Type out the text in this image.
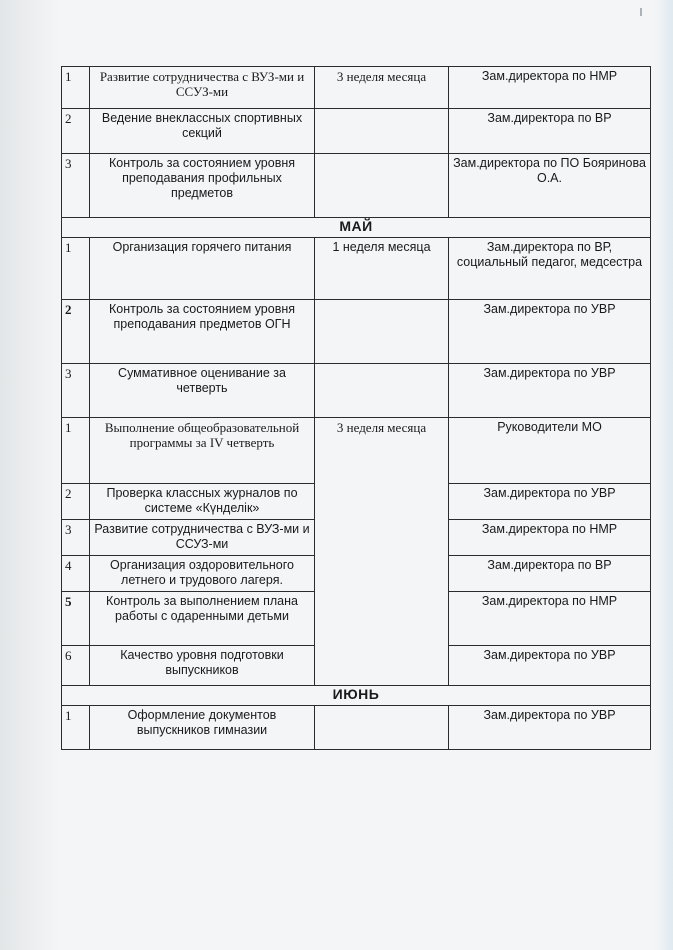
1	Развитие сотрудничества с ВУЗ-ми и ССУЗ-ми	3 неделя месяца	Зам.директора по НМР
2	Ведение внеклассных спортивных секций		Зам.директора по ВР
3	Контроль за состоянием уровня преподавания профильных предметов		Зам.директора по ПО Бояринова О.А.
МАЙ			
1	Организация горячего питания	1 неделя месяца	Зам.директора по ВР, социальный педагог, медсестра
2	Контроль за состоянием уровня преподавания предметов ОГН		Зам.директора по УВР
3	Суммативное оценивание за четверть		Зам.директора по УВР
1	Выполнение общеобразовательной программы за IV четверть	3 неделя месяца	Руководители МО
2	Проверка классных журналов по системе «Күнделік»		Зам.директора по УВР
3	Развитие сотрудничества с ВУЗ-ми и ССУЗ-ми		Зам.директора по НМР
4	Организация оздоровительного летнего и трудового лагеря.		Зам.директора по ВР
5	Контроль за выполнением плана работы с одаренными детьми		Зам.директора по НМР
6	Качество уровня подготовки выпускников		Зам.директора по УВР
ИЮНЬ			
1	Оформление документов выпускников гимназии		Зам.директора по УВР
